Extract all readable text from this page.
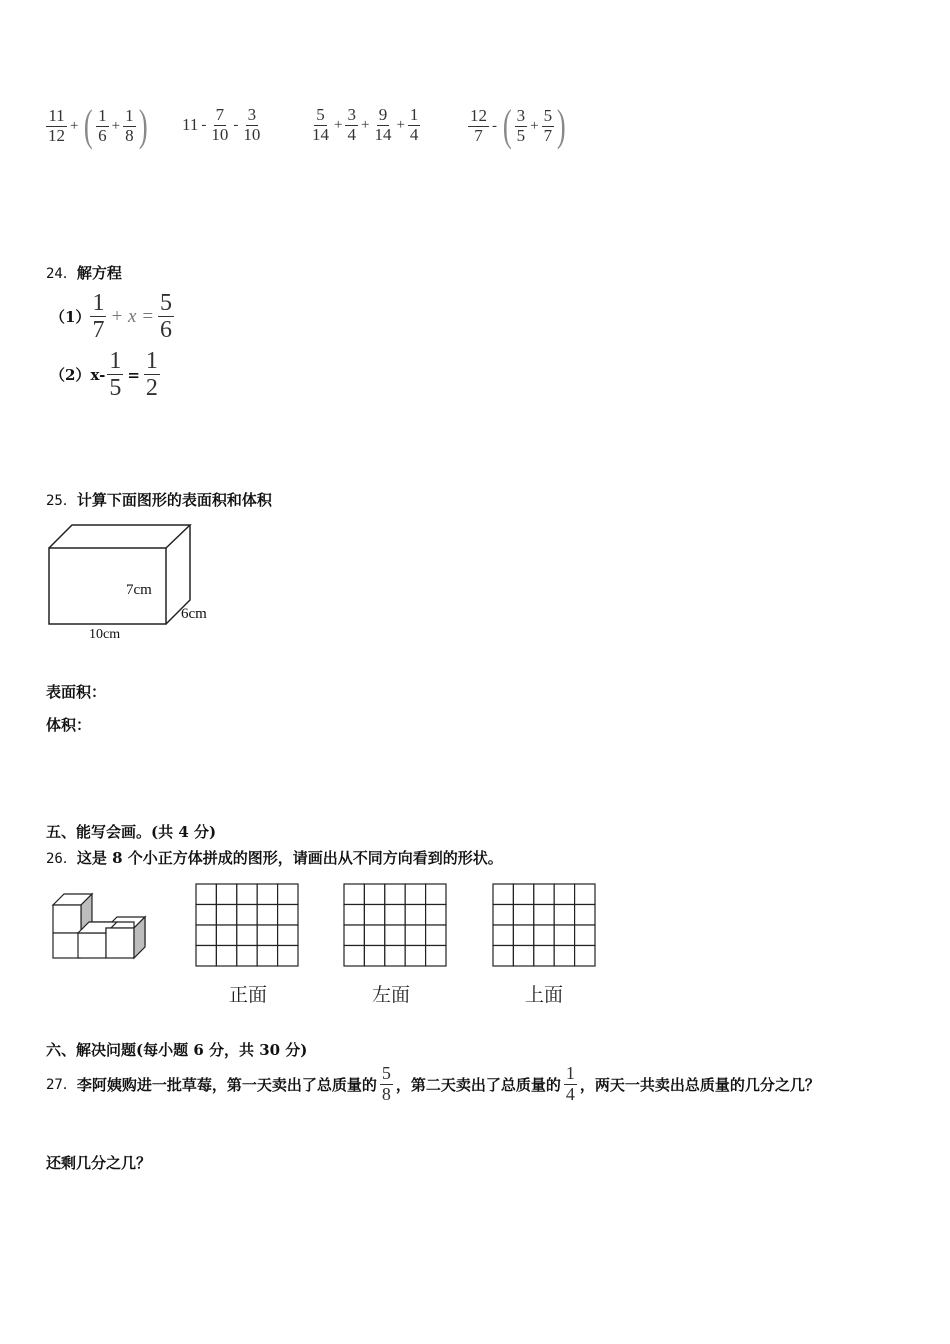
$\frac{11}{12}$ + ( $\frac{1}{6} + \frac{1}{8}$ ) $11 - \frac{7}{10} - \frac{3}{10}$	$\frac{5}{14} + \frac{3}{4} + \frac{9}{14} + \frac{1}{4}$	$\frac{12}{7}$ - ( $\frac{3}{5} + \frac{5}{7}$ )
24．解方程
$(1) \frac{1}{7} + x = \frac{5}{6}$
（2） $x- \frac{1}{5} = \frac{1}{2}$
25．计算下面图形的表面积和体积
7cm
6cm
10cm
表面积：
体积：
五、能写会画。(共 4 分)
26．这是 8 个小正方体拼成的图形，请画出从不同方向看到的形状。
正面	左面	上面
六、解决问题(每小题 6 分，共 30 分)
27． 李阿姨购进一批草莓，第一天卖出了总质量的 $\frac{5}{8}$ ，第二天卖出了总质量的 $\frac{1}{4}$ ，两天一共卖出总质量的几分之几？
还剩几分之几？
